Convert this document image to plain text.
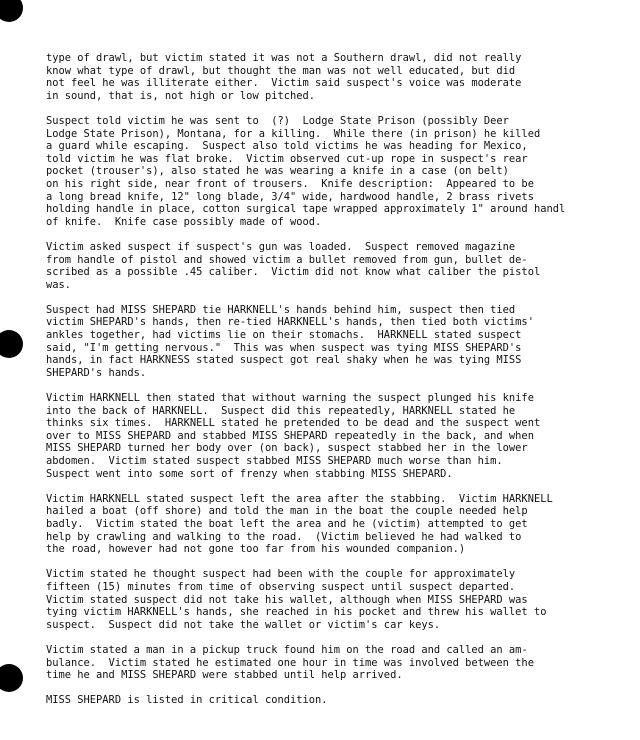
type of drawl, but victim stated it was not a Southern drawl, did not really
know what type of drawl, but thought the man was not well educated, but did
not feel he was illiterate either.  Victim said suspect's voice was moderate
in sound, that is, not high or low pitched.
Suspect told victim he was sent to  (?)  Lodge State Prison (possibly Deer
Lodge State Prison), Montana, for a killing.  While there (in prison) he killed
a guard while escaping.  Suspect also told victims he was heading for Mexico,
told victim he was flat broke.  Victim observed cut-up rope in suspect's rear
pocket (trouser's), also stated he was wearing a knife in a case (on belt)
on his right side, near front of trousers.  Knife description:  Appeared to be
a long bread knife, 12" long blade, 3/4" wide, hardwood handle, 2 brass rivets
holding handle in place, cotton surgical tape wrapped approximately 1" around handl
of knife.  Knife case possibly made of wood.
Victim asked suspect if suspect's gun was loaded.  Suspect removed magazine
from handle of pistol and showed victim a bullet removed from gun, bullet de-
scribed as a possible .45 caliber.  Victim did not know what caliber the pistol
was.
Suspect had MISS SHEPARD tie HARKNELL's hands behind him, suspect then tied
victim SHEPARD's hands, then re-tied HARKNELL's hands, then tied both victims'
ankles together, had victims lie on their stomachs.  HARKNELL stated suspect
said, "I'm getting nervous."  This was when suspect was tying MISS SHEPARD's
hands, in fact HARKNESS stated suspect got real shaky when he was tying MISS
SHEPARD's hands.
Victim HARKNELL then stated that without warning the suspect plunged his knife
into the back of HARKNELL.  Suspect did this repeatedly, HARKNELL stated he
thinks six times.  HARKNELL stated he pretended to be dead and the suspect went
over to MISS SHEPARD and stabbed MISS SHEPARD repeatedly in the back, and when
MISS SHEPARD turned her body over (on back), suspect stabbed her in the lower
abdomen.  Victim stated suspect stabbed MISS SHEPARD much worse than him.
Suspect went into some sort of frenzy when stabbing MISS SHEPARD.
Victim HARKNELL stated suspect left the area after the stabbing.  Victim HARKNELL
hailed a boat (off shore) and told the man in the boat the couple needed help
badly.  Victim stated the boat left the area and he (victim) attempted to get
help by crawling and walking to the road.  (Victim believed he had walked to
the road, however had not gone too far from his wounded companion.)
Victim stated he thought suspect had been with the couple for approximately
fifteen (15) minutes from time of observing suspect until suspect departed.
Victim stated suspect did not take his wallet, although when MISS SHEPARD was
tying victim HARKNELL's hands, she reached in his pocket and threw his wallet to
suspect.  Suspect did not take the wallet or victim's car keys.
Victim stated a man in a pickup truck found him on the road and called an am-
bulance.  Victim stated he estimated one hour in time was involved between the
time he and MISS SHEPARD were stabbed until help arrived.
MISS SHEPARD is listed in critical condition.
